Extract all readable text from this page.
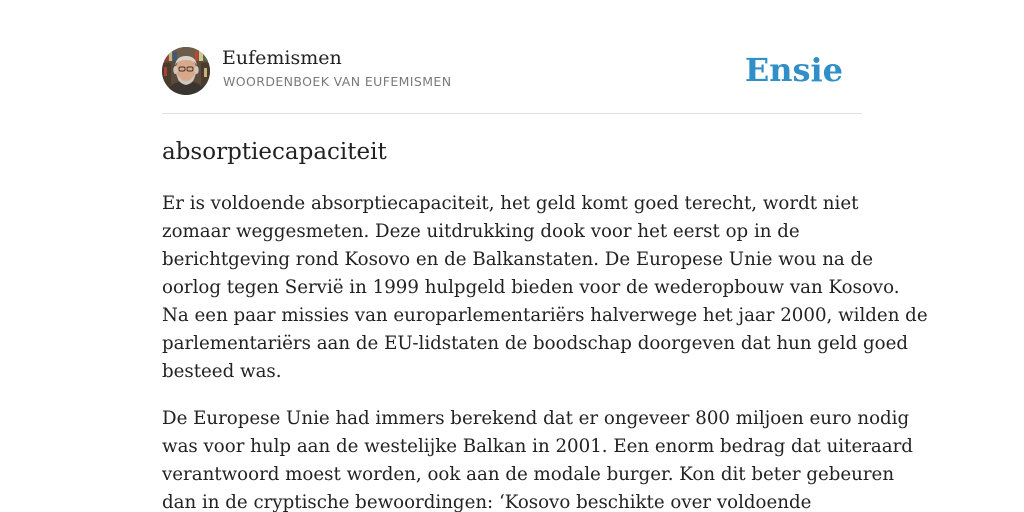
Eufemismen
WOORDENBOEK VAN EUFEMISMEN	Ensie
absorptiecapaciteit

Er is voldoende absorptiecapaciteit, het geld komt goed terecht, wordt niet
zomaar weggesmeten. Deze uitdrukking dook voor het eerst op in de
berichtgeving rond Kosovo en de Balkanstaten. De Europese Unie wou na de
oorlog tegen Servië in 1999 hulpgeld bieden voor de wederopbouw van Kosovo.
Na een paar missies van europarlementariërs halverwege het jaar 2000, wilden de
parlementariërs aan de EU-lidstaten de boodschap doorgeven dat hun geld goed
besteed was.

De Europese Unie had immers berekend dat er ongeveer 800 miljoen euro nodig
was voor hulp aan de westelijke Balkan in 2001. Een enorm bedrag dat uiteraard
verantwoord moest worden, ook aan de modale burger. Kon dit beter gebeuren
dan in de cryptische bewoordingen: ‘Kosovo beschikte over voldoende
